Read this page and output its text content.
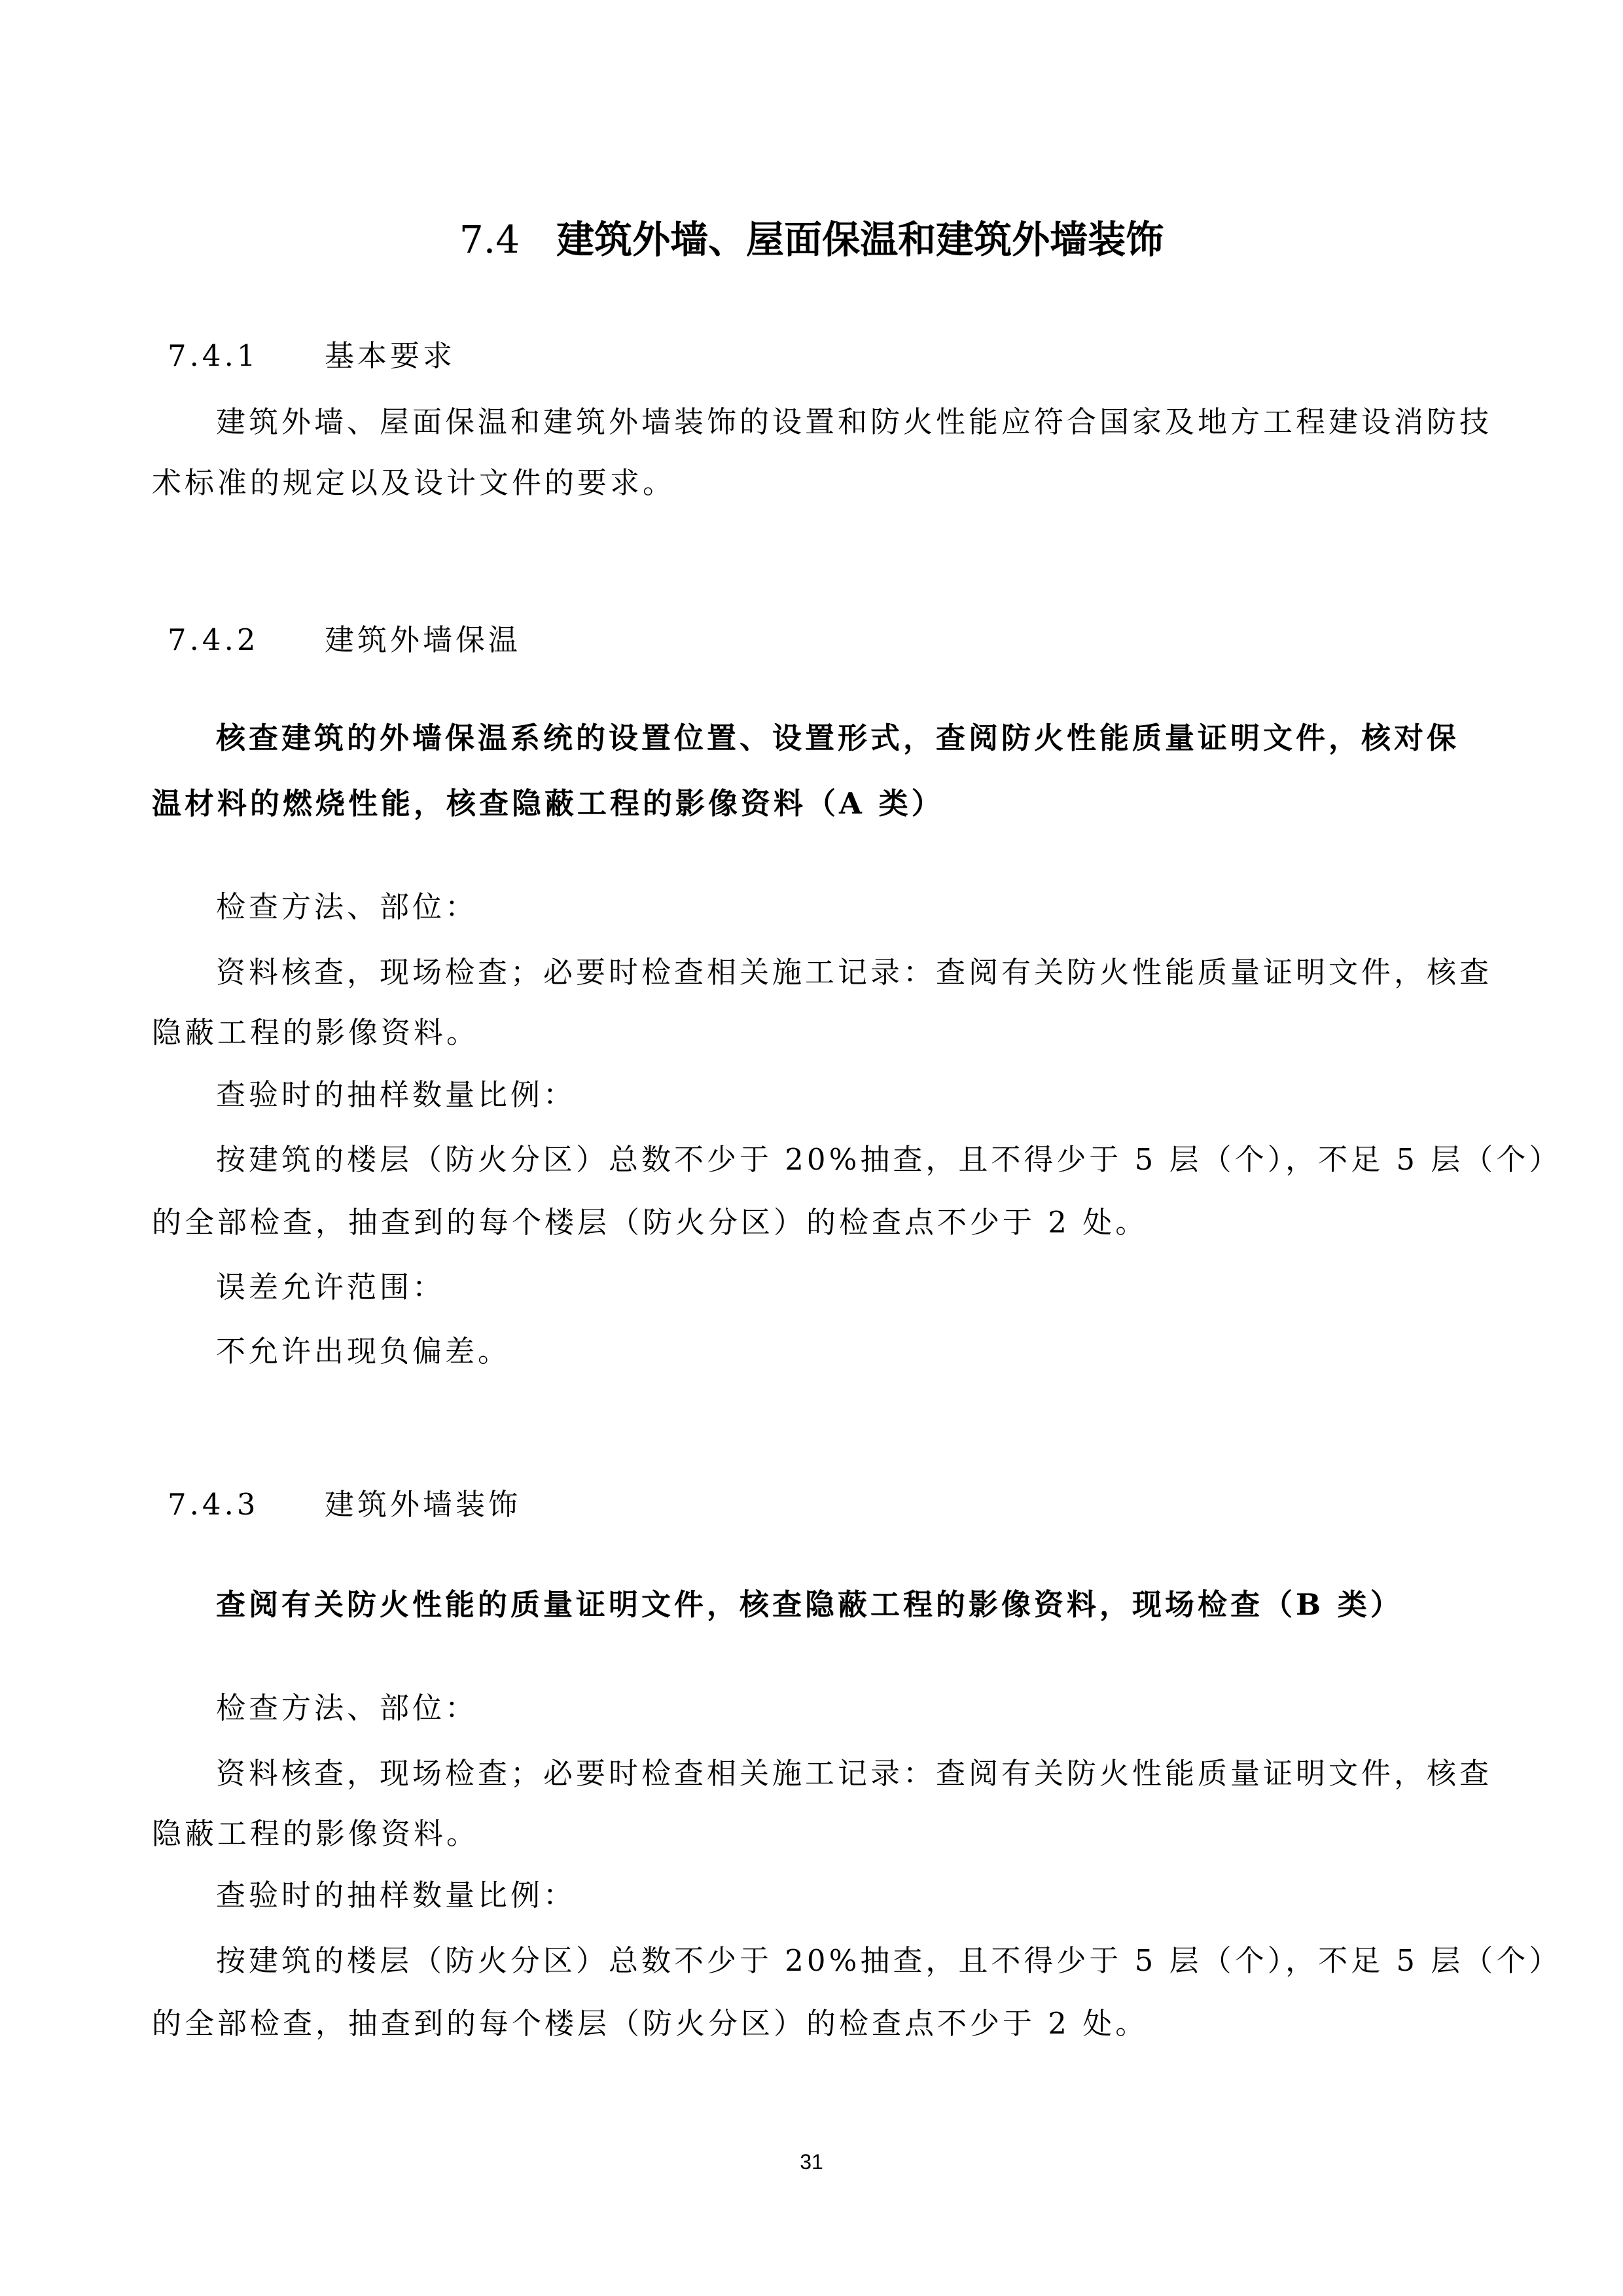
7.4 建筑外墙、屋面保温和建筑外墙装饰
7.4.1 基本要求
建筑外墙、屋面保温和建筑外墙装饰的设置和防火性能应符合国家及地方工程建设消防技
术标准的规定以及设计文件的要求。
7.4.2 建筑外墙保温
核查建筑的外墙保温系统的设置位置、设置形式，查阅防火性能质量证明文件，核对保
温材料的燃烧性能，核查隐蔽工程的影像资料（A 类）
检查方法、部位：
资料核查，现场检查；必要时检查相关施工记录：查阅有关防火性能质量证明文件，核查
隐蔽工程的影像资料。
查验时的抽样数量比例：
按建筑的楼层（防火分区）总数不少于 20%抽查，且不得少于 5 层（个），不足 5 层（个）
的全部检查，抽查到的每个楼层（防火分区）的检查点不少于 2 处。
误差允许范围：
不允许出现负偏差。
7.4.3 建筑外墙装饰
查阅有关防火性能的质量证明文件，核查隐蔽工程的影像资料，现场检查（B 类）
检查方法、部位：
资料核查，现场检查；必要时检查相关施工记录：查阅有关防火性能质量证明文件，核查
隐蔽工程的影像资料。
查验时的抽样数量比例：
按建筑的楼层（防火分区）总数不少于 20%抽查，且不得少于 5 层（个），不足 5 层（个）
的全部检查，抽查到的每个楼层（防火分区）的检查点不少于 2 处。
31
